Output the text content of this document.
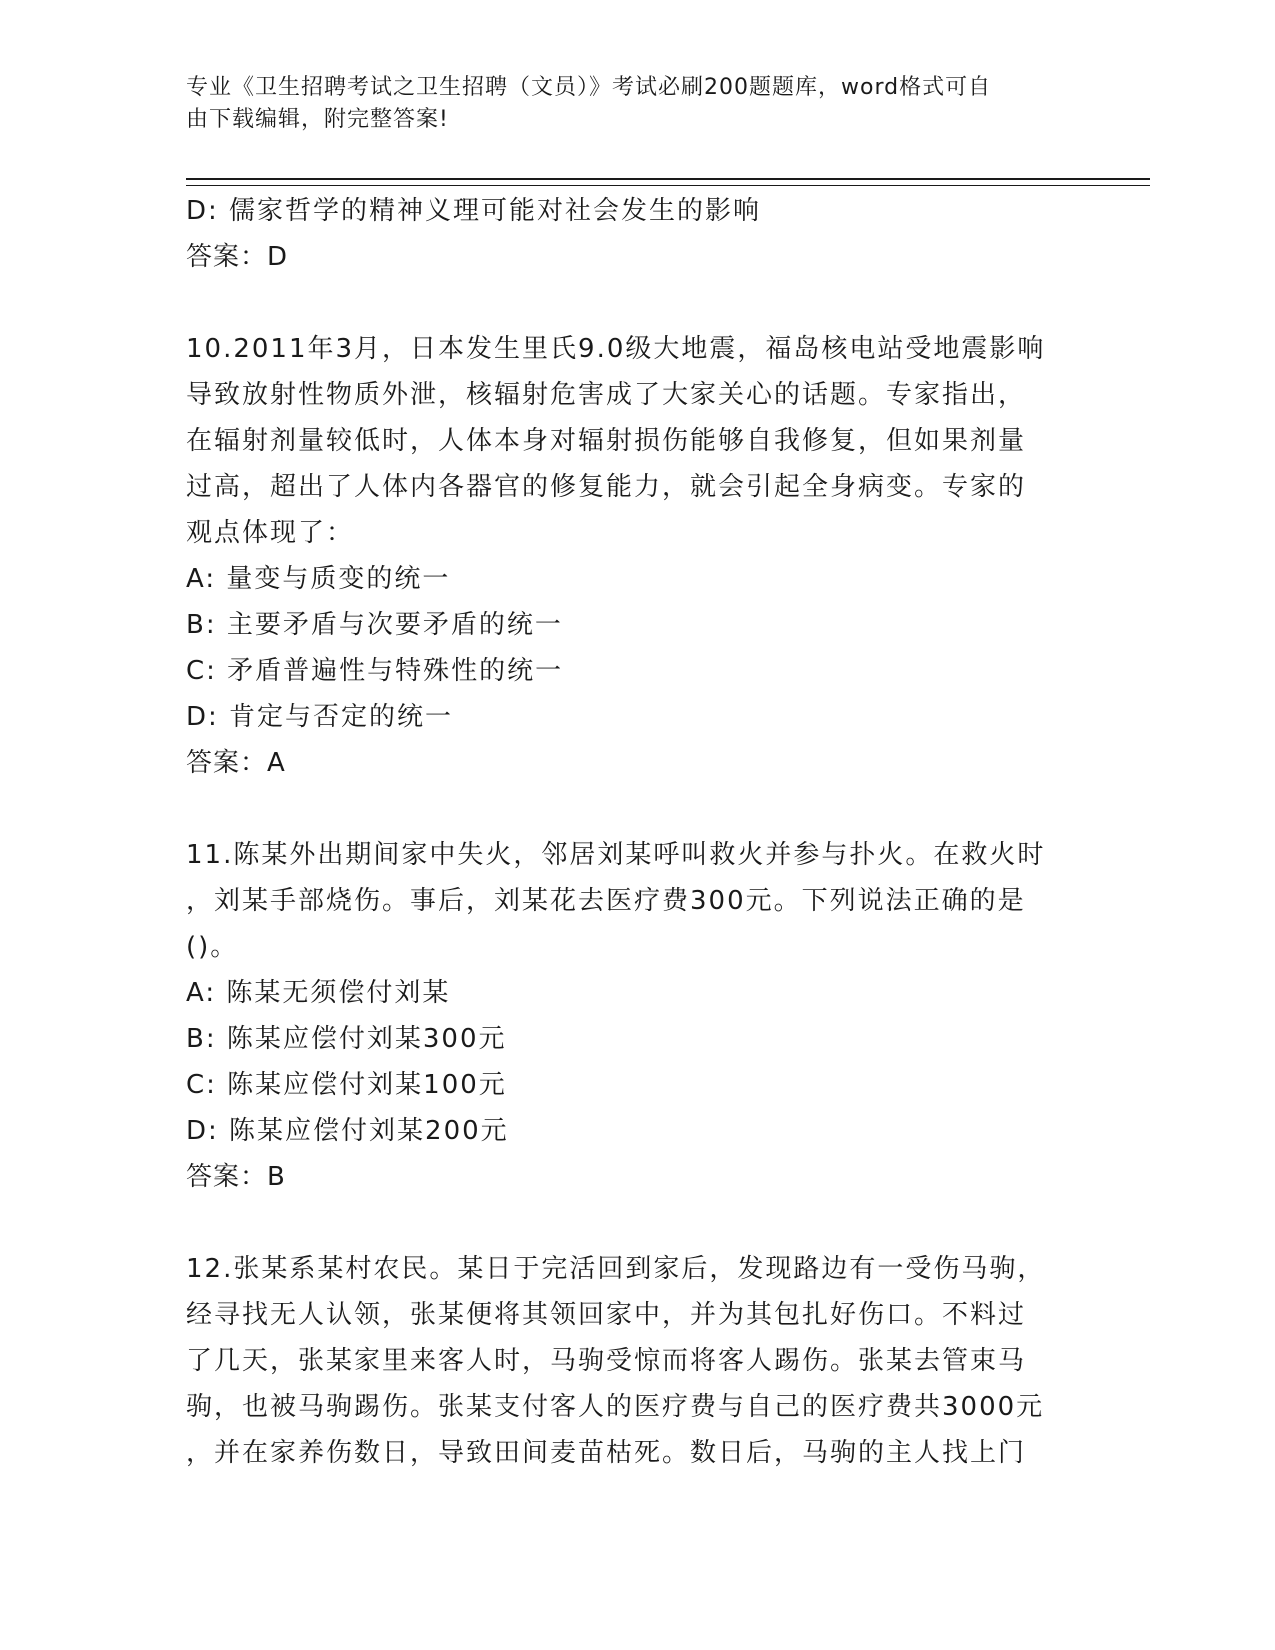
专业《卫生招聘考试之卫生招聘（文员）》考试必刷200题题库，word格式可自
由下载编辑，附完整答案!
D: 儒家哲学的精神义理可能对社会发生的影响
答案：D
10.2011年3月，日本发生里氏9.0级大地震，福岛核电站受地震影响
导致放射性物质外泄，核辐射危害成了大家关心的话题。专家指出，
在辐射剂量较低时，人体本身对辐射损伤能够自我修复，但如果剂量
过高，超出了人体内各器官的修复能力，就会引起全身病变。专家的
观点体现了：
A: 量变与质变的统一
B: 主要矛盾与次要矛盾的统一
C: 矛盾普遍性与特殊性的统一
D: 肯定与否定的统一
答案：A
11.陈某外出期间家中失火，邻居刘某呼叫救火并参与扑火。在救火时
，刘某手部烧伤。事后，刘某花去医疗费300元。下列说法正确的是
()。
A: 陈某无须偿付刘某
B: 陈某应偿付刘某300元
C: 陈某应偿付刘某100元
D: 陈某应偿付刘某200元
答案：B
12.张某系某村农民。某日于完活回到家后，发现路边有一受伤马驹，
经寻找无人认领，张某便将其领回家中，并为其包扎好伤口。不料过
了几天，张某家里来客人时，马驹受惊而将客人踢伤。张某去管束马
驹，也被马驹踢伤。张某支付客人的医疗费与自己的医疗费共3000元
，并在家养伤数日，导致田间麦苗枯死。数日后，马驹的主人找上门
